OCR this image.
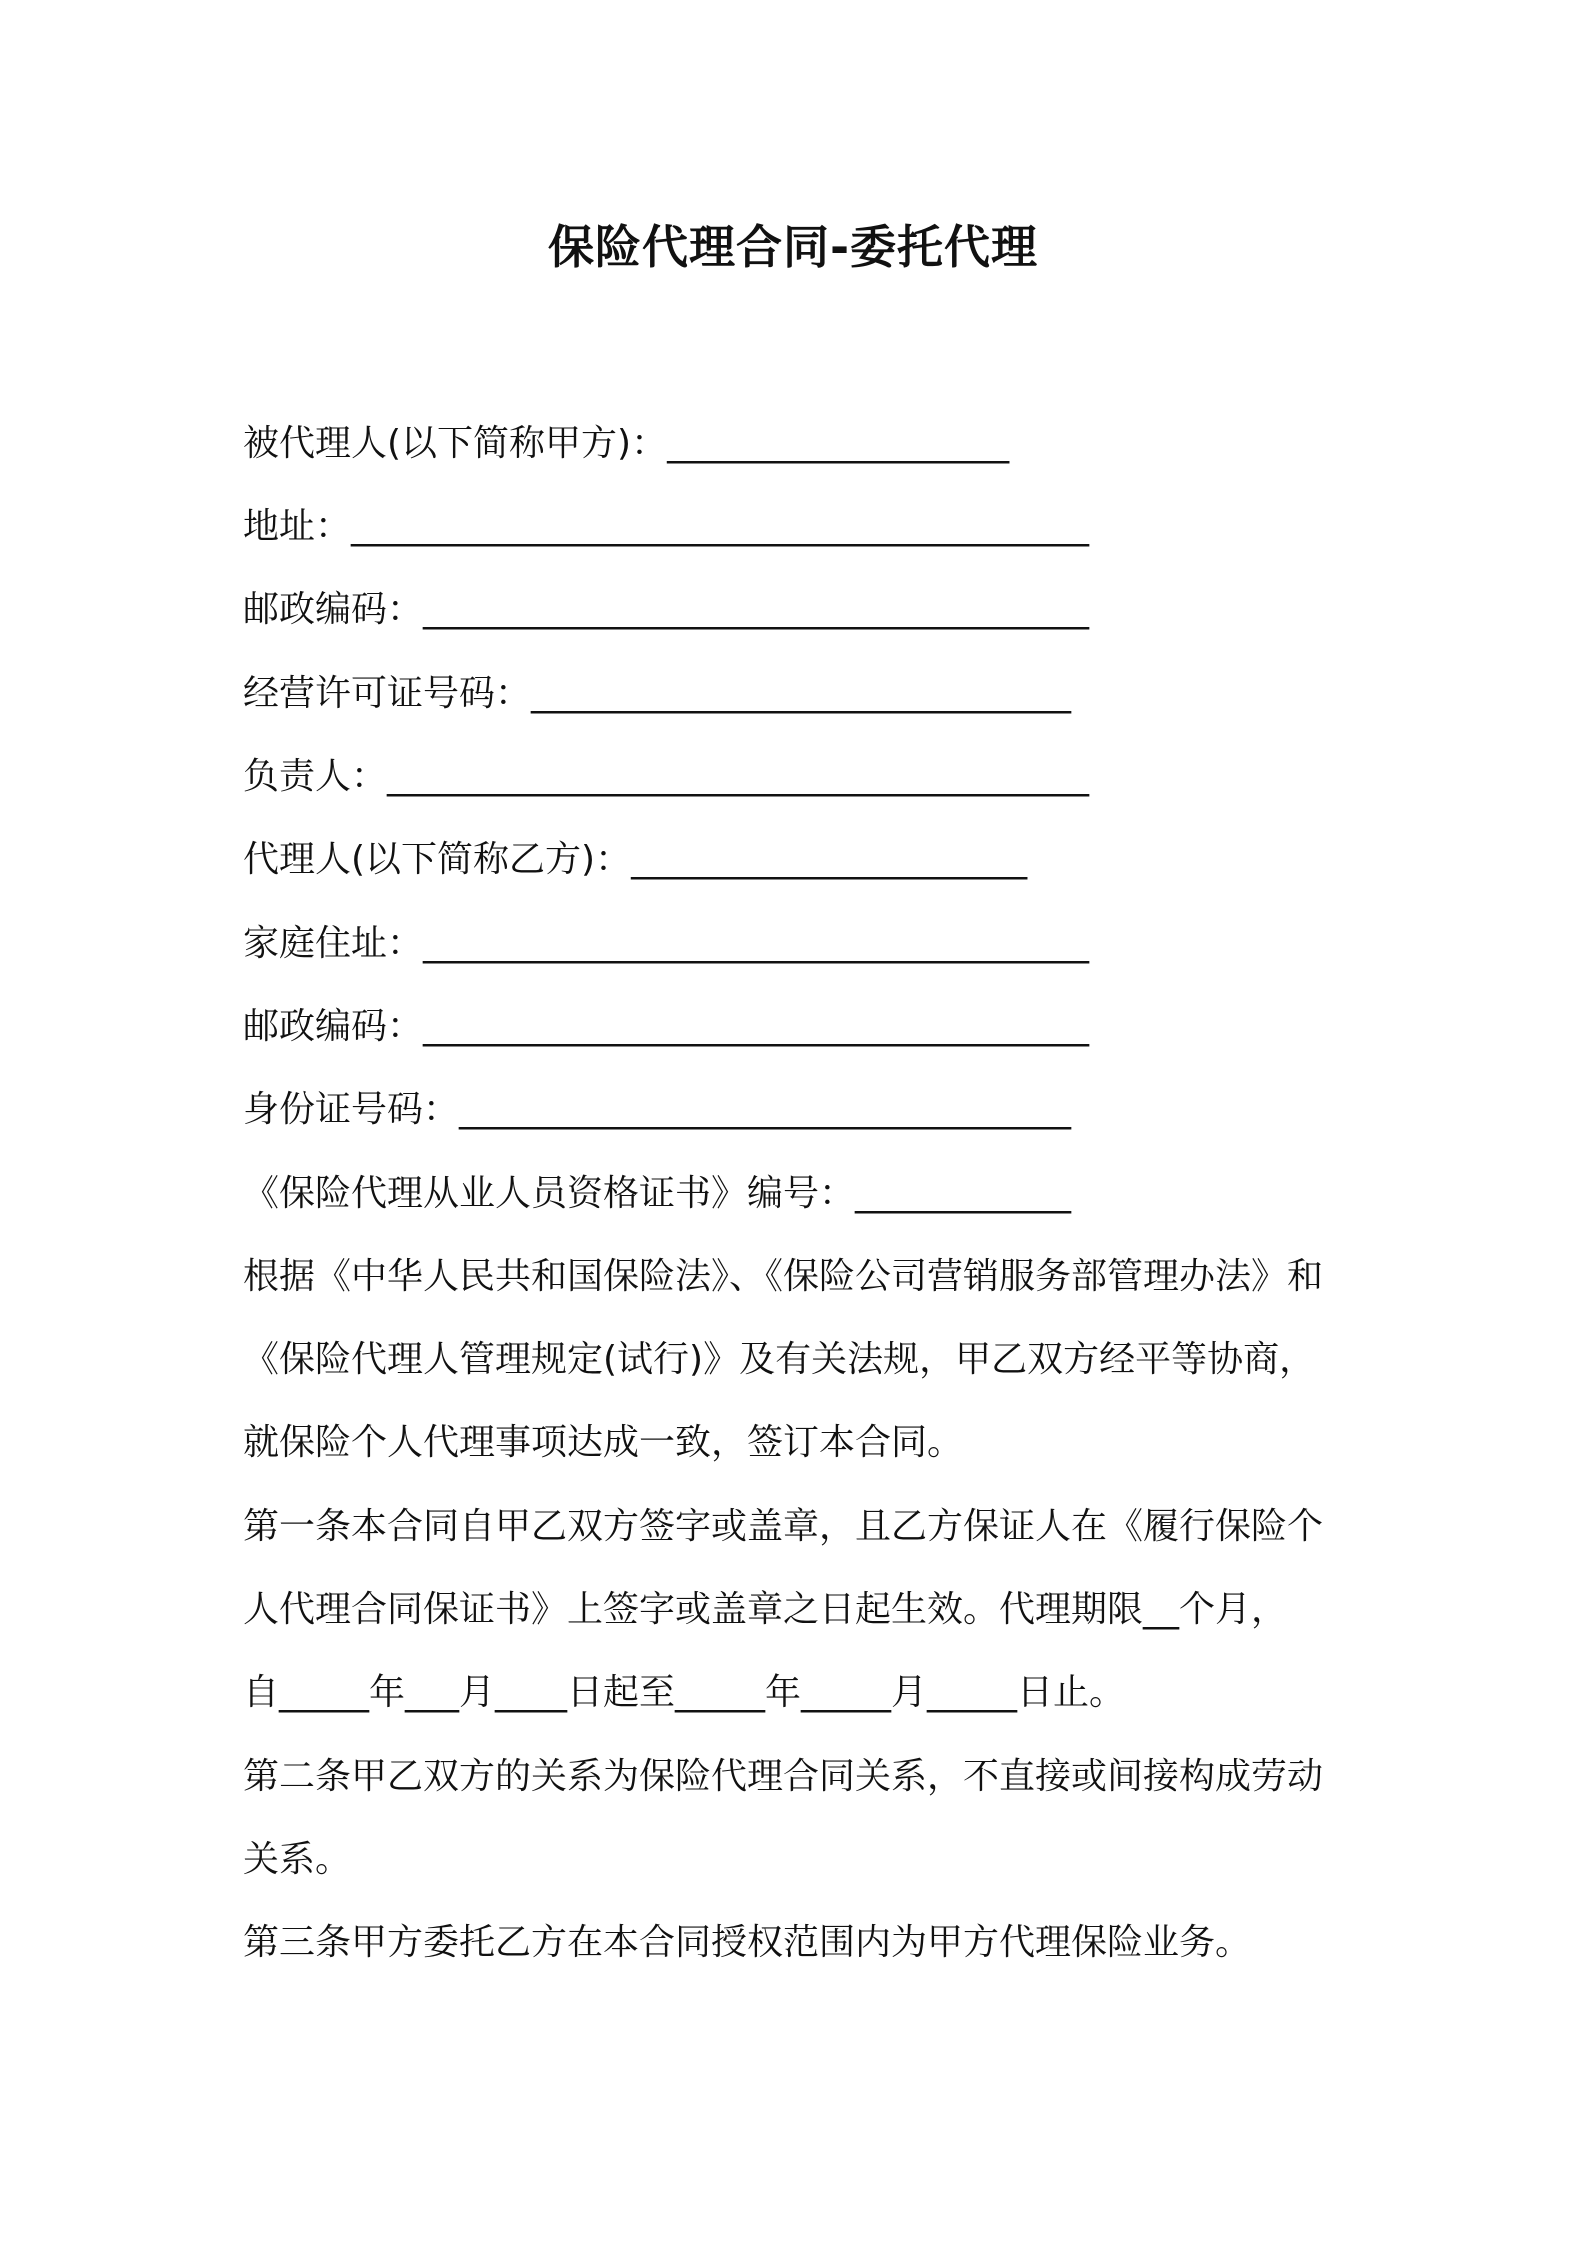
保险代理合同-委托代理
被代理人(以下简称甲方)：___________________
地址：_________________________________________
邮政编码：_____________________________________
经营许可证号码：______________________________
负责人：_______________________________________
代理人(以下简称乙方)：______________________
家庭住址：_____________________________________
邮政编码：_____________________________________
身份证号码：__________________________________
《保险代理从业人员资格证书》编号：____________
根据《中华人民共和国保险法》、《保险公司营销服务部管理办法》和
《保险代理人管理规定(试行)》及有关法规，甲乙双方经平等协商，
就保险个人代理事项达成一致，签订本合同。
第一条本合同自甲乙双方签字或盖章，且乙方保证人在《履行保险个
人代理合同保证书》上签字或盖章之日起生效。代理期限__个月，
自_____年___月____日起至_____年_____月_____日止。
第二条甲乙双方的关系为保险代理合同关系，不直接或间接构成劳动
关系。
第三条甲方委托乙方在本合同授权范围内为甲方代理保险业务。
